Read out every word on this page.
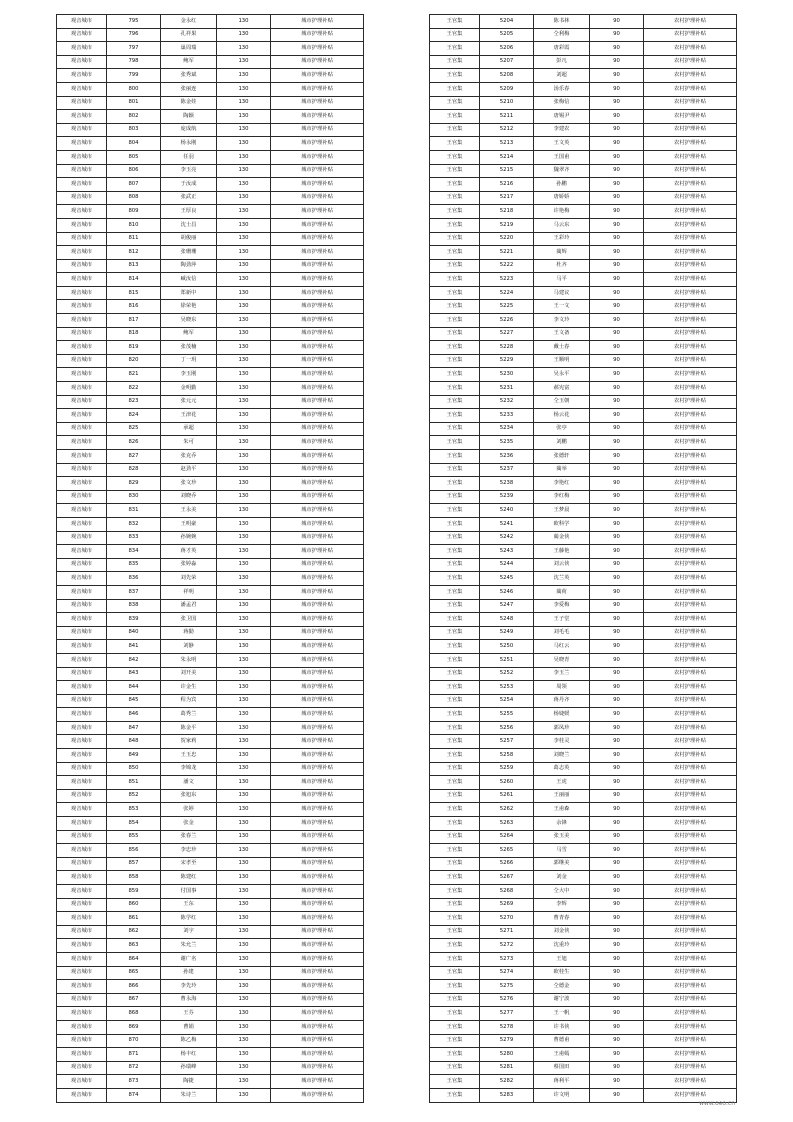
观音城市	795	金永红	130	城市护理补贴
观音城市	796	孔祥果	130	城市护理补贴
观音城市	797	巢周瑞	130	城市护理补贴
观音城市	798	鲍军	130	城市护理补贴
观音城市	799	张秀斌	130	城市护理补贴
观音城市	800	张丽连	130	城市护理补贴
观音城市	801	陈金娃	130	城市护理补贴
观音城市	802	陶颖	130	城市护理补贴
观音城市	803	庞成航	130	城市护理补贴
观音城市	804	杨永刚	130	城市护理补贴
观音城市	805	任羽	130	城市护理补贴
观音城市	806	李玉亮	130	城市护理补贴
观音城市	807	于汝成	130	城市护理补贴
观音城市	808	张武正	130	城市护理补贴
观音城市	809	王厚良	130	城市护理补贴
观音城市	810	沈士昌	130	城市护理补贴
观音城市	811	胡俊丽	130	城市护理补贴
观音城市	812	张珊珊	130	城市护理补贴
观音城市	813	陶劲萍	130	城市护理补贴
观音城市	814	臧汝信	130	城市护理补贴
观音城市	815	郑新中	130	城市护理补贴
观音城市	816	徐荣艳	130	城市护理补贴
观音城市	817	吴晓东	130	城市护理补贴
观音城市	818	鲍军	130	城市护理补贴
观音城市	819	张茂楠	130	城市护理补贴
观音城市	820	丁一玥	130	城市护理补贴
观音城市	821	李玉刚	130	城市护理补贴
观音城市	822	金明勤	130	城市护理补贴
观音城市	823	张元元	130	城市护理补贴
观音城市	824	王津花	130	城市护理补贴
观音城市	825	承超	130	城市护理补贴
观音城市	826	朱可	130	城市护理补贴
观音城市	827	张克乔	130	城市护理补贴
观音城市	828	赵劲平	130	城市护理补贴
观音城市	829	张文珍	130	城市护理补贴
观音城市	830	刘晓乔	130	城市护理补贴
观音城市	831	王永美	130	城市护理补贴
观音城市	832	王明豪	130	城市护理补贴
观音城市	833	孙婉婉	130	城市护理补贴
观音城市	834	蒋才英	130	城市护理补贴
观音城市	835	张婷淼	130	城市护理补贴
观音城市	836	刘先荣	130	城市护理补贴
观音城市	837	祥明	130	城市护理补贴
观音城市	838	潘孟君	130	城市护理补贴
观音城市	839	张卫国	130	城市护理补贴
观音城市	840	蒋勤	130	城市护理补贴
观音城市	841	刘静	130	城市护理补贴
观音城市	842	朱永明	130	城市护理补贴
观音城市	843	刘开美	130	城市护理补贴
观音城市	844	许金生	130	城市护理补贴
观音城市	845	程为宾	130	城市护理补贴
观音城市	846	葛秀兰	130	城市护理补贴
观音城市	847	陈金平	130	城市护理补贴
观音城市	848	贺家莉	130	城市护理补贴
观音城市	849	王玉忠	130	城市护理补贴
观音城市	850	李锦龙	130	城市护理补贴
观音城市	851	潘文	130	城市护理补贴
观音城市	852	张旭东	130	城市护理补贴
观音城市	853	张婷	130	城市护理补贴
观音城市	854	张金	130	城市护理补贴
观音城市	855	张春兰	130	城市护理补贴
观音城市	856	李忠珍	130	城市护理补贴
观音城市	857	宋孝至	130	城市护理补贴
观音城市	858	陈建红	130	城市护理补贴
观音城市	859	付国事	130	城市护理补贴
观音城市	860	王东	130	城市护理补贴
观音城市	861	陈学红	130	城市护理补贴
观音城市	862	刘宇	130	城市护理补贴
观音城市	863	朱允兰	130	城市护理补贴
观音城市	864	谢广名	130	城市护理补贴
观音城市	865	孙建	130	城市护理补贴
观音城市	866	李先玲	130	城市护理补贴
观音城市	867	曹永海	130	城市护理补贴
观音城市	868	王芬	130	城市护理补贴
观音城市	869	曹娟	130	城市护理补贴
观音城市	870	陈乙梅	130	城市护理补贴
观音城市	871	杨丰红	130	城市护理补贴
观音城市	872	孙瑞峰	130	城市护理补贴
观音城市	873	陶捷	130	城市护理补贴
观音城市	874	朱诗兰	130	城市护理补贴
王官集	5204	陈书林	90	农村护理补贴
王官集	5205	仝利梅	90	农村护理补贴
王官集	5206	唐彩霞	90	农村护理补贴
王官集	5207	彭凡	90	农村护理补贴
王官集	5208	刘超	90	农村护理补贴
王官集	5209	汤乐春	90	农村护理补贴
王官集	5210	张梅信	90	农村护理补贴
王官集	5211	唐锡尹	90	农村护理补贴
王官集	5212	李建农	90	农村护理补贴
王官集	5213	王文英	90	农村护理补贴
王官集	5214	王国甫	90	农村护理补贴
王官集	5215	魏翠齐	90	农村护理补贴
王官集	5216	孙鹏	90	农村护理补贴
王官集	5217	唐娇娇	90	农村护理补贴
王官集	5218	许艳梅	90	农村护理补贴
王官集	5219	马云东	90	农村护理补贴
王官集	5220	王彩玲	90	农村护理补贴
王官集	5221	蔺辉	90	农村护理补贴
王官集	5222	杜齐	90	农村护理补贴
王官集	5223	马平	90	农村护理补贴
王官集	5224	马建议	90	农村护理补贴
王官集	5225	王一文	90	农村护理补贴
王官集	5226	李文玲	90	农村护理补贴
王官集	5227	王文备	90	农村护理补贴
王官集	5228	戴士春	90	农村护理补贴
王官集	5229	王顺明	90	农村护理补贴
王官集	5230	吴永平	90	农村护理补贴
王官集	5231	郝宪富	90	农村护理补贴
王官集	5232	仝玉朝	90	农村护理补贴
王官集	5233	杨云花	90	农村护理补贴
王官集	5234	张亭	90	农村护理补贴
王官集	5235	刘鹏	90	农村护理补贴
王官集	5236	张德轩	90	农村护理补贴
王官集	5237	蔺举	90	农村护理补贴
王官集	5238	李艳红	90	农村护理补贴
王官集	5239	李红梅	90	农村护理补贴
王官集	5240	王梦晨	90	农村护理补贴
王官集	5241	欧科学	90	农村护理补贴
王官集	5242	蔺金侠	90	农村护理补贴
王官集	5243	王藤艳	90	农村护理补贴
王官集	5244	刘云侠	90	农村护理补贴
王官集	5245	沈兰英	90	农村护理补贴
王官集	5246	蔺荷	90	农村护理补贴
王官集	5247	李爱梅	90	农村护理补贴
王官集	5248	王子堂	90	农村护理补贴
王官集	5249	刘毛毛	90	农村护理补贴
王官集	5250	马红云	90	农村护理补贴
王官集	5251	吴晓青	90	农村护理补贴
王官集	5252	李玉兰	90	农村护理补贴
王官集	5253	周领	90	农村护理补贴
王官集	5254	蒋丹齐	90	农村护理补贴
王官集	5255	杨婕媛	90	农村护理补贴
王官集	5256	郭凤珍	90	农村护理补贴
王官集	5257	李桂灵	90	农村护理补贴
王官集	5258	刘晓兰	90	农村护理补贴
王官集	5259	葛志英	90	农村护理补贴
王官集	5260	王虎	90	农村护理补贴
王官集	5261	王丽丽	90	农村护理补贴
王官集	5262	王甫森	90	农村护理补贴
王官集	5263	余锋	90	农村护理补贴
王官集	5264	张玉美	90	农村护理补贴
王官集	5265	马雪	90	农村护理补贴
王官集	5266	郭继美	90	农村护理补贴
王官集	5267	刘金	90	农村护理补贴
王官集	5268	仝大中	90	农村护理补贴
王官集	5269	李辉	90	农村护理补贴
王官集	5270	曹青春	90	农村护理补贴
王官集	5271	刘金侠	90	农村护理补贴
王官集	5272	沈重玲	90	农村护理补贴
王官集	5273	王旭	90	农村护理补贴
王官集	5274	欧桂生	90	农村护理补贴
王官集	5275	仝德金	90	农村护理补贴
王官集	5276	谢宁波	90	农村护理补贴
王官集	5277	王一帆	90	农村护理补贴
王官集	5278	许书侠	90	农村护理补贴
王官集	5279	曹德甫	90	农村护理补贴
王官集	5280	王甫嫣	90	农村护理补贴
王官集	5281	蔡国田	90	农村护理补贴
王官集	5282	蒋利平	90	农村护理补贴
王官集	5283	许文明	90	农村护理补贴
www.oeo.cn
